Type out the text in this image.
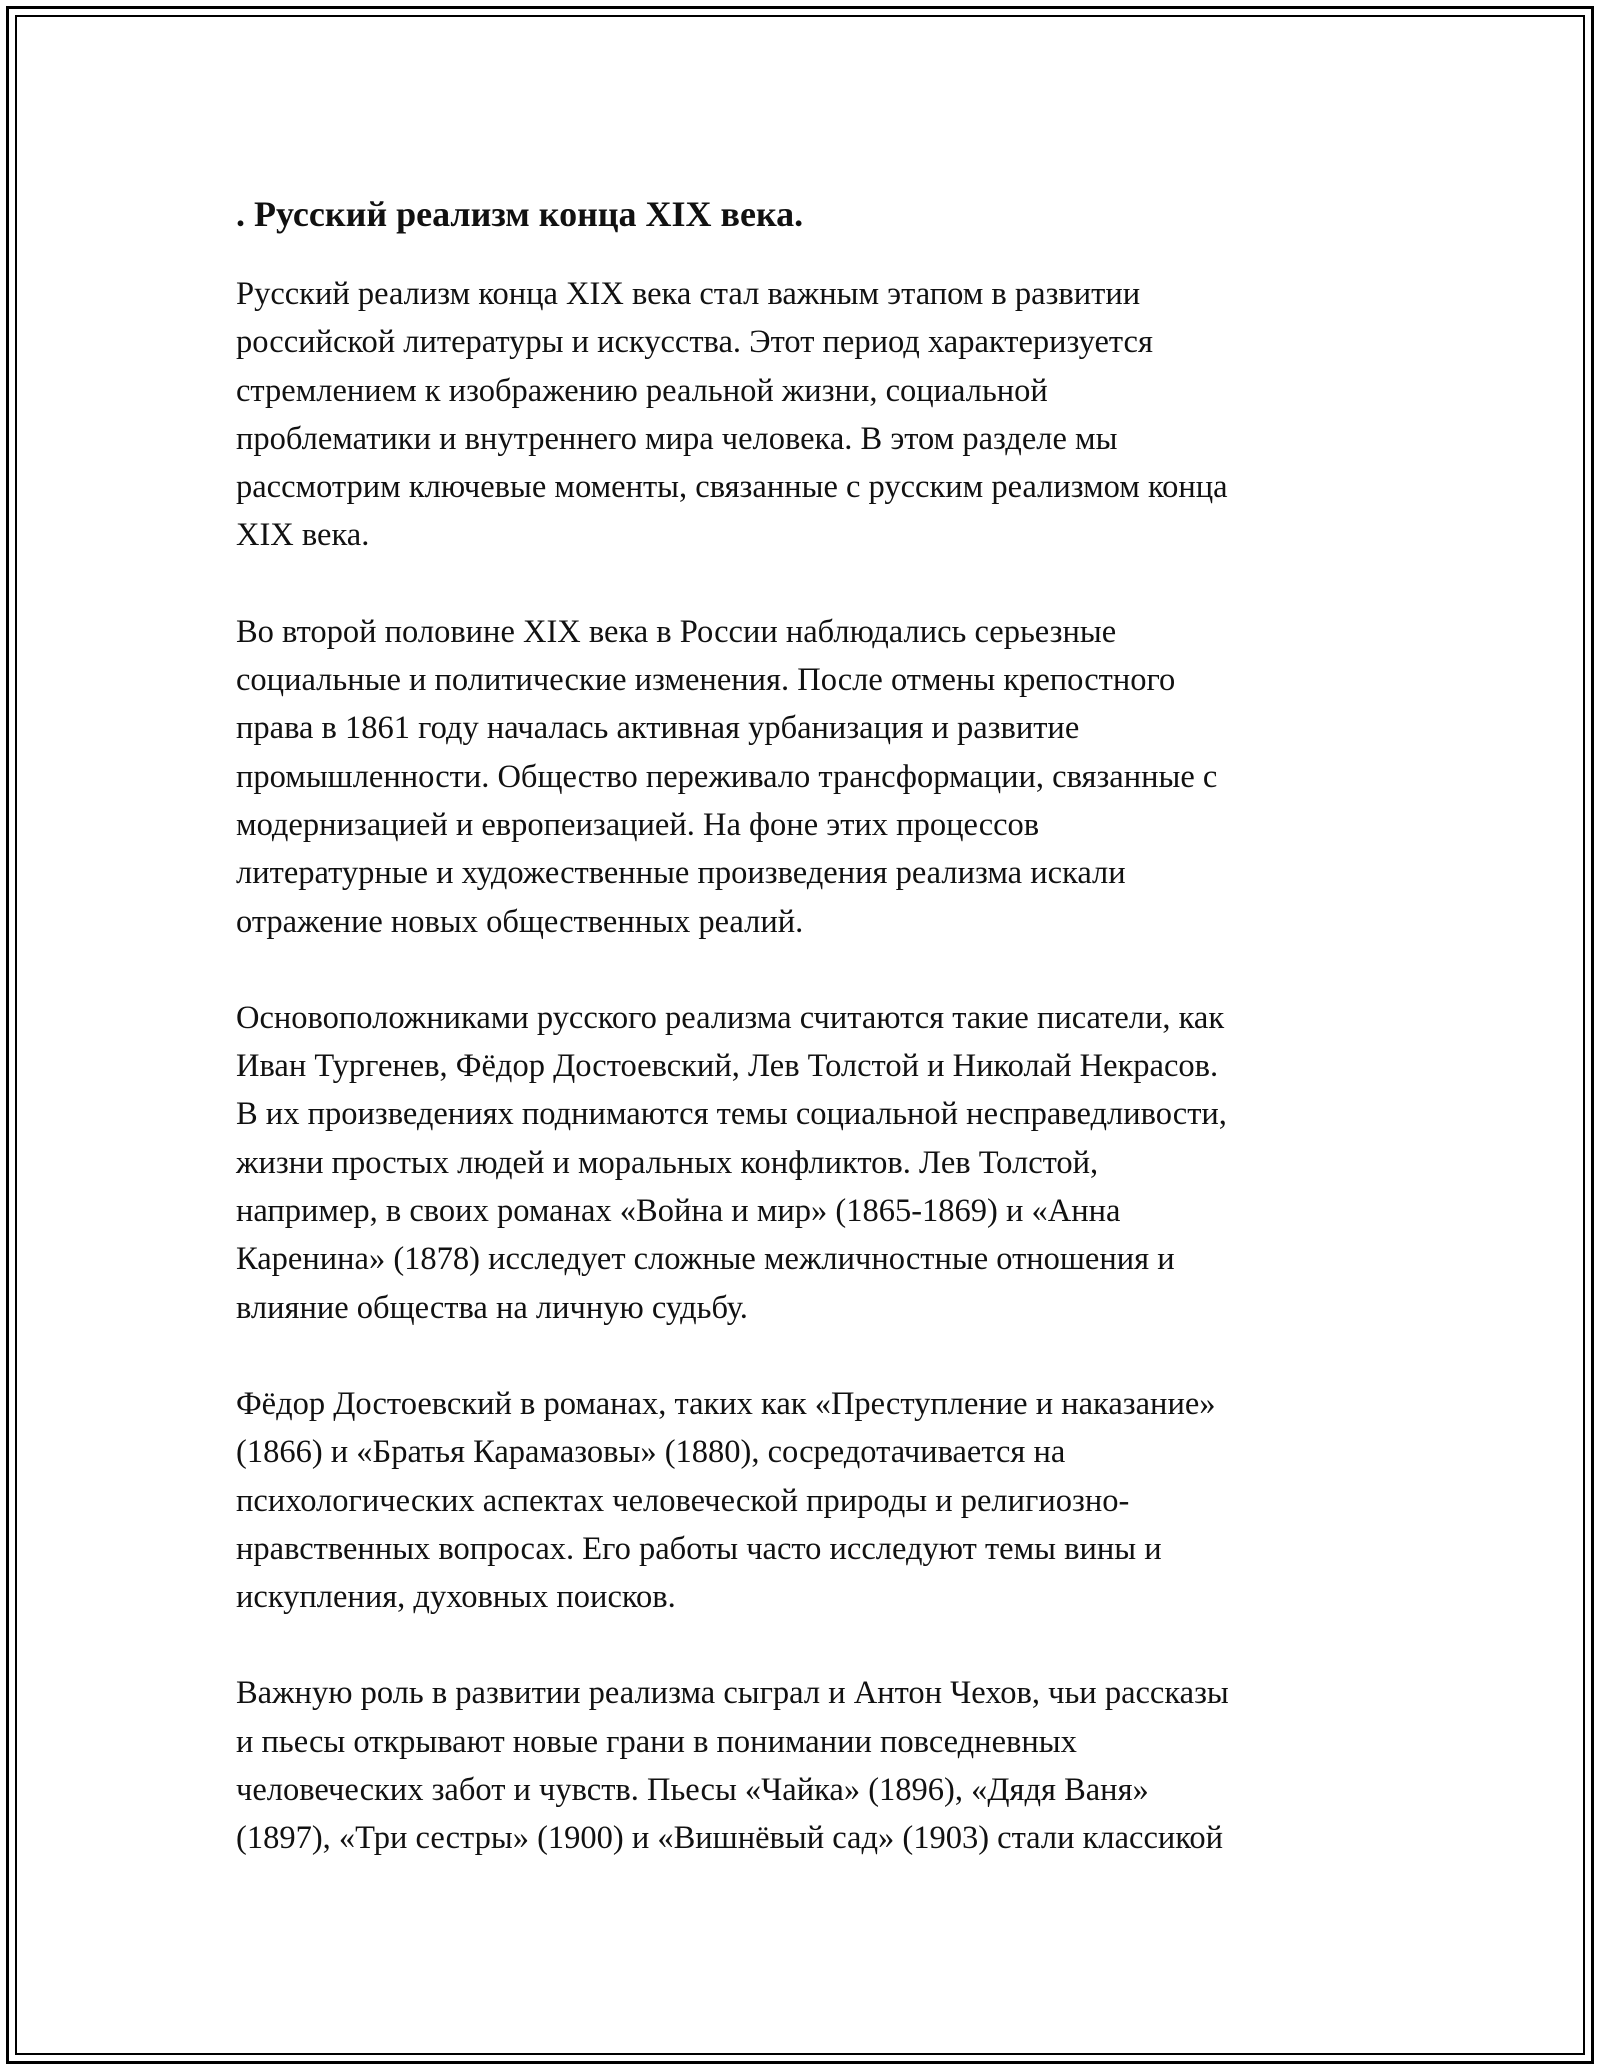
. Русский реализм конца XIX века.

Русский реализм конца XIX века стал важным этапом в развитии
российской литературы и искусства. Этот период характеризуется
стремлением к изображению реальной жизни, социальной
проблематики и внутреннего мира человека. В этом разделе мы
рассмотрим ключевые моменты, связанные с русским реализмом конца
XIX века.

Во второй половине XIX века в России наблюдались серьезные
социальные и политические изменения. После отмены крепостного
права в 1861 году началась активная урбанизация и развитие
промышленности. Общество переживало трансформации, связанные с
модернизацией и европеизацией. На фоне этих процессов
литературные и художественные произведения реализма искали
отражение новых общественных реалий.

Основоположниками русского реализма считаются такие писатели, как
Иван Тургенев, Фёдор Достоевский, Лев Толстой и Николай Некрасов.
В их произведениях поднимаются темы социальной несправедливости,
жизни простых людей и моральных конфликтов. Лев Толстой,
например, в своих романах «Война и мир» (1865-1869) и «Анна
Каренина» (1878) исследует сложные межличностные отношения и
влияние общества на личную судьбу.

Фёдор Достоевский в романах, таких как «Преступление и наказание»
(1866) и «Братья Карамазовы» (1880), сосредотачивается на
психологических аспектах человеческой природы и религиозно-
нравственных вопросах. Его работы часто исследуют темы вины и
искупления, духовных поисков.

Важную роль в развитии реализма сыграл и Антон Чехов, чьи рассказы
и пьесы открывают новые грани в понимании повседневных
человеческих забот и чувств. Пьесы «Чайка» (1896), «Дядя Ваня»
(1897), «Три сестры» (1900) и «Вишнёвый сад» (1903) стали классикой
